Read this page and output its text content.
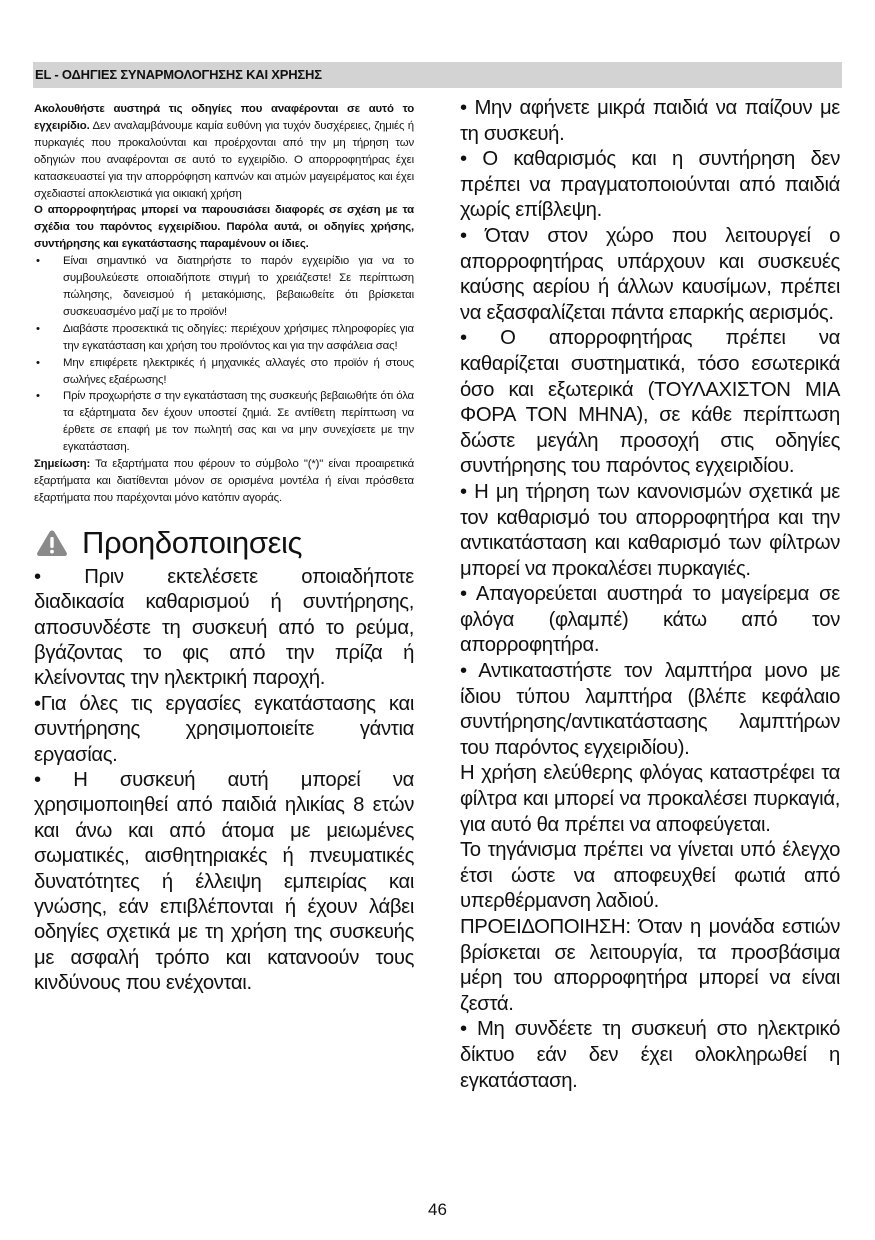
EL - ΟΔΗΓΙΕΣ ΣΥΝΑΡΜΟΛΟΓΗΣΗΣ ΚΑΙ ΧΡΗΣΗΣ

Ακολουθήστε αυστηρά τις οδηγίες που αναφέρονται σε αυτό το εγχειρίδιο. Δεν αναλαμβάνουμε καμία ευθύνη για τυχόν δυσχέρειες, ζημιές ή πυρκαγιές που προκαλούνται και προέρχονται από την μη τήρηση των οδηγιών που αναφέρονται σε αυτό το εγχειρίδιο. Ο απορροφητήρας έχει κατασκευαστεί για την απορρόφηση καπνών και ατμών μαγειρέματος και έχει σχεδιαστεί αποκλειστικά για οικιακή χρήση

Ο απορροφητήρας μπορεί να παρουσιάσει διαφορές σε σχέση με τα σχέδια του παρόντος εγχειρίδιου. Παρόλα αυτά, οι οδηγίες χρήσης, συντήρησης και εγκατάστασης παραμένουν οι ίδιες.

• Είναι σημαντικό να διατηρήστε το παρόν εγχειρίδιο για να το συμβουλεύεστε οποιαδήποτε στιγμή το χρειάζεστε! Σε περίπτωση πώλησης, δανεισμού ή μετακόμισης, βεβαιωθείτε ότι βρίσκεται συσκευασμένο μαζί με το προϊόν!

• Διαβάστε προσεκτικά τις οδηγίες: περιέχουν χρήσιμες πληροφορίες για την εγκατάσταση και χρήση του προϊόντος και για την ασφάλεια σας!

• Μην επιφέρετε ηλεκτρικές ή μηχανικές αλλαγές στο προϊόν ή στους σωλήνες εξαέρωσης!

• Πρίν προχωρήστε σ την εγκατάσταση της συσκευής βεβαιωθήτε ότι όλα τα εξάρτηματα δεν έχουν υποστεί ζημιά. Σε αντίθετη περίπτωση να έρθετε σε επαφή με τον πωλητή σας και να μην συνεχίσετε με την εγκατάσταση.

Σημείωση: Τα εξαρτήματα που φέρουν το σύμβολο "(*)" είναι προαιρετικά εξαρτήματα και διατίθενται μόνον σε ορισμένα μοντέλα ή είναι πρόσθετα εξαρτήματα που παρέχονται μόνο κατόπιν αγοράς.

Προηδοποιησεις

•     Πριν     εκτελέσετε     οποιαδήποτε διαδικασία καθαρισμού ή συντήρησης, αποσυνδέστε τη συσκευή από το ρεύμα, βγάζοντας το φις από την πρίζα ή κλείνοντας την ηλεκτρική παροχή.

•Για όλες τις εργασίες εγκατάστασης και συντήρησης χρησιμοποιείτε γάντια εργασίας.

•  Η  συσκευή  αυτή  μπορεί  να χρησιμοποιηθεί από παιδιά ηλικίας 8 ετών και άνω και από άτομα με μειωμένες σωματικές, αισθητηριακές ή πνευματικές δυνατότητες ή έλλειψη εμπειρίας και γνώσης, εάν επιβλέπονται ή έχουν λάβει οδηγίες σχετικά με τη χρήση της συσκευής με ασφαλή τρόπο και κατανοούν τους κινδύνους που ενέχονται.

• Μην αφήνετε μικρά παιδιά να παίζουν με τη συσκευή.

• Ο καθαρισμός και η συντήρηση δεν πρέπει να πραγματοποιούνται από παιδιά χωρίς επίβλεψη.

• Όταν στον χώρο που λειτουργεί ο απορροφητήρας υπάρχουν και συσκευές καύσης αερίου ή άλλων καυσίμων, πρέπει να εξασφαλίζεται πάντα επαρκής αερισμός.

•  Ο  απορροφητήρας  πρέπει  να καθαρίζεται συστηματικά, τόσο εσωτερικά όσο και εξωτερικά (ΤΟΥΛΑΧΙΣΤΟΝ ΜΙΑ ΦΟΡΑ ΤΟΝ ΜΗΝΑ), σε κάθε περίπτωση δώστε μεγάλη προσοχή στις οδηγίες συντήρησης του παρόντος εγχειριδίου.

• Η μη τήρηση των κανονισμών σχετικά με τον καθαρισμό του απορροφητήρα και την αντικατάσταση και καθαρισμό των φίλτρων μπορεί να προκαλέσει πυρκαγιές.

• Απαγορεύεται αυστηρά το μαγείρεμα σε φλόγα (φλαμπέ) κάτω από τον απορροφητήρα.

• Αντικαταστήστε τον λαμπτήρα μονο με ίδιου τύπου λαμπτήρα (βλέπε κεφάλαιο συντήρησης/αντικατάστασης λαμπτήρων του παρόντος εγχειριδίου).

Η χρήση ελεύθερης φλόγας καταστρέφει τα φίλτρα και μπορεί να προκαλέσει πυρκαγιά, για αυτό θα πρέπει να αποφεύγεται.

Το τηγάνισμα πρέπει να γίνεται υπό έλεγχο έτσι ώστε να αποφευχθεί φωτιά από υπερθέρμανση λαδιού.

ΠΡΟΕΙΔΟΠΟΙΗΣΗ: Όταν η μονάδα εστιών βρίσκεται σε λειτουργία, τα προσβάσιμα μέρη του απορροφητήρα μπορεί να είναι ζεστά.

• Μη συνδέετε τη συσκευή στο ηλεκτρικό δίκτυο εάν δεν έχει ολοκληρωθεί η εγκατάσταση.

46
